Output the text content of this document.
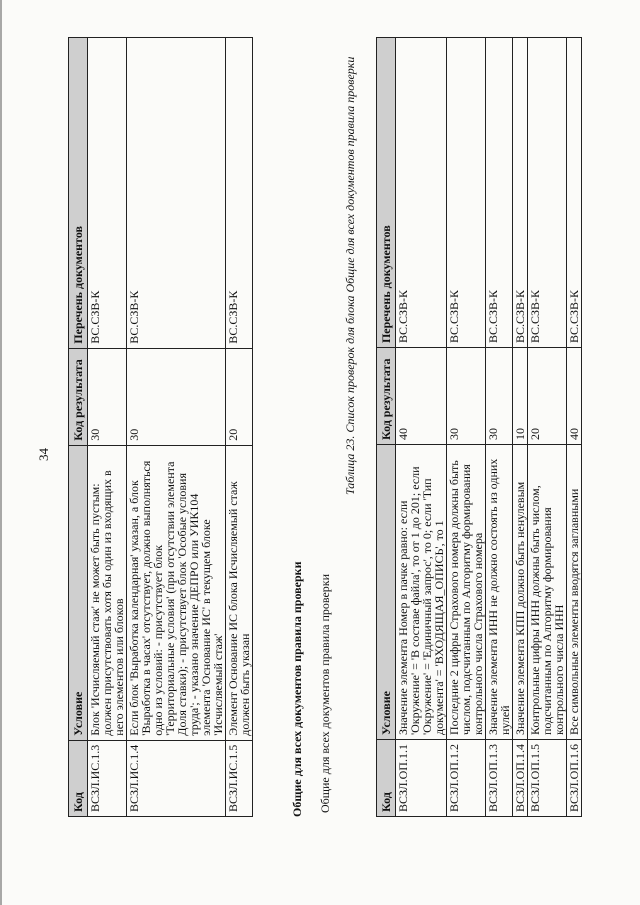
34
Код	Условие	Код результата	Перечень документов
ВСЗЛ.ИС.1.3	Блок 'Исчисляемый стаж' не может быть пустым: должен присутствовать хотя бы один из входящих в него элементов или блоков	30	ВС.СЗВ-К
ВСЗЛ.ИС.1.4	Если блок 'Выработка календарная' указан, а блок 'Выработка в часах' отсутствует, должно выполняться одно из условий: - присутствует блок 'Территориальные условия' (при отсутствии элемента Доля ставки); - присутствует блок 'Особые условия труда'; - указано значение ДЕПРО или УИК104 элемента 'Основание ИС' в текущем блоке 'Исчисляемый стаж'	30	ВС.СЗВ-К
ВСЗЛ.ИС.1.5	Элемент Основание ИС блока Исчисляемый стаж должен быть указан	20	ВС.СЗВ-К
Общие для всех документов правила проверки Общие для всех документов правила проверки
Таблица 23. Список проверок для блока Общие для всех документов правила проверки
Код	Условие	Код результата	Перечень документов
ВСЗЛ.ОП.1.1	Значение элемента Номер в пачке равно: если 'Окружение' = 'В составе файла', то от 1 до 201; если 'Окружение' = 'Единичный запрос', то 0; если 'Тип документа' = 'ВХОДЯЩАЯ_ОПИСЬ', то 1	40	ВС.СЗВ-К
ВСЗЛ.ОП.1.2	Последние 2 цифры Страхового номера должны быть числом, подсчитанным по Алгоритму формирования контрольного числа Страхового номера	30	ВС.СЗВ-К
ВСЗЛ.ОП.1.3	Значение элемента ИНН не должно состоять из одних нулей	30	ВС.СЗВ-К
ВСЗЛ.ОП.1.4	Значение элемента КПП должно быть ненулевым	10	ВС.СЗВ-К
ВСЗЛ.ОП.1.5	Контрольные цифры ИНН должны быть числом, подсчитанным по Алгоритму формирования контрольного числа ИНН	20	ВС.СЗВ-К
ВСЗЛ.ОП.1.6	Все символьные элементы вводятся заглавными	40	ВС.СЗВ-К
